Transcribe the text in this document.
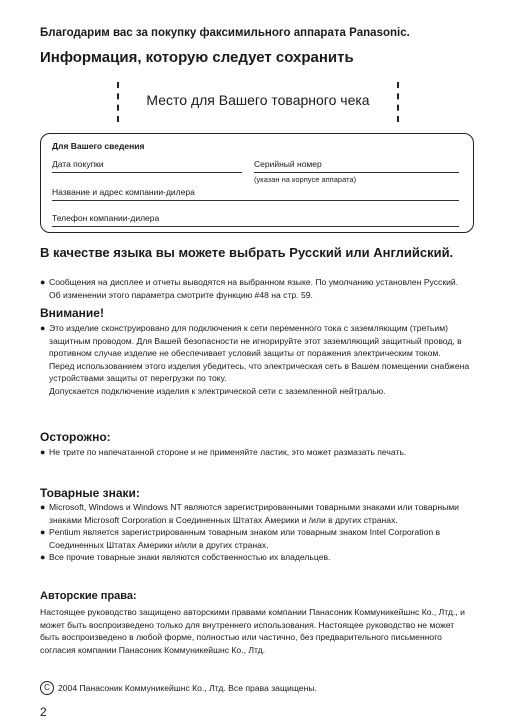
Благодарим вас за покупку факсимильного аппарата Panasonic.
Информация, которую следует сохранить
Место для Вашего товарного чека
Для Вашего сведения
Дата покупки	Серийный номер
(указан на корпусе аппарата)
Название и адрес компании-дилера
Телефон компании-дилера
В качестве языка вы можете выбрать Русский или Английский.

● Сообщения на дисплее и отчеты выводятся на выбранном языке. По умолчанию установлен Русский. Об изменении этого параметра смотрите функцию #48 на стр. 59.

Внимание!

● Это изделие сконструировано для подключения к сети переменного тока с заземляющим (третьим) защитным проводом. Для Вашей безопасности не игнорируйте этот заземляющий защитный провод, в противном случае изделие не обеспечивает условий защиты от поражения электрическим током.

Перед использованием этого изделия убедитесь, что электрическая сеть в Вашем помещении снабжена устройствами защиты от перегрузки по току.

Допускается подключение изделия к электрической сети с заземленной нейтралью.

Осторожно:

● Не трите по напечатанной стороне и не применяйте ластик, это может размазать печать.

Товарные знаки:

● Microsoft, Windows и Windows NT являются зарегистрированными товарными знаками или товарными знаками Microsoft Corporation в Соединенных Штатах Америки и /или в других странах.

● Pentium является зарегистрированным товарным знаком или товарным знаком Intel Corporation в Соединенных Штатах Америки и/или в других странах.

● Все прочие товарные знаки являются собственностью их владельцев.

Авторские права:

Настоящее руководство защищено авторскими правами компании Панасоник Коммуникейшнс Ко., Лтд., и может быть воспроизведено только для внутреннего использования. Настоящее руководство не может быть воспроизведено в любой форме, полностью или частично, без предварительного письменного согласия компании Панасоник Коммуникейшнс Ко., Лтд.

C 2004 Панасоник Коммуникейшнс Ко., Лтд. Все права защищены.
2
